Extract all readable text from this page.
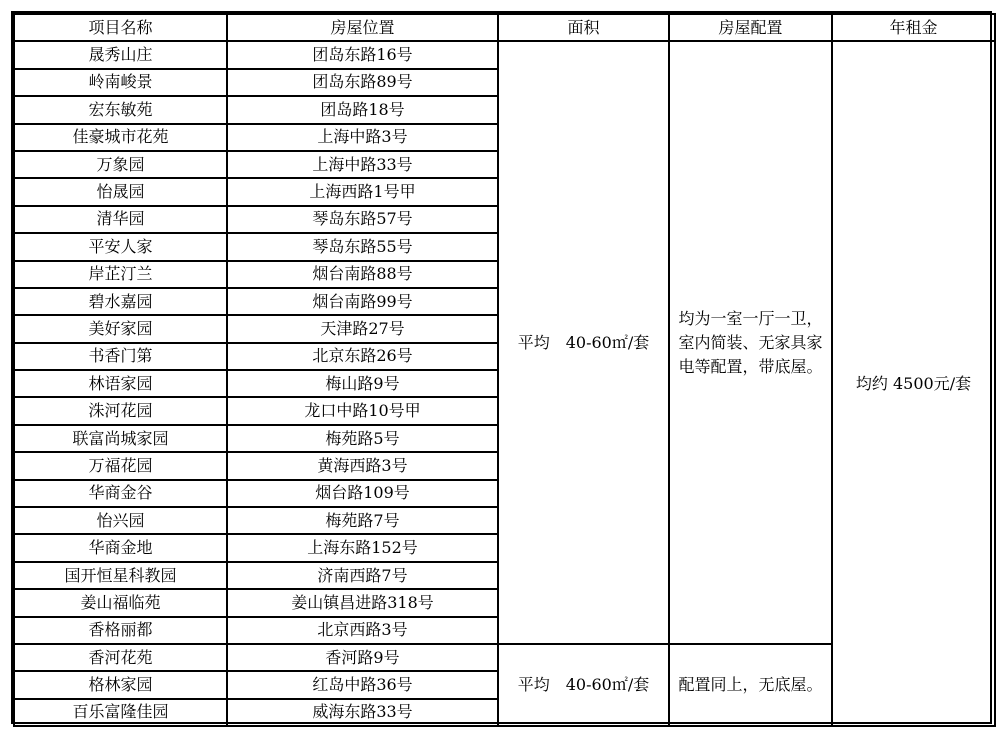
项目名称	房屋位置	面积	房屋配置	年租金
晟秀山庄	团岛东路16号	平均　40-60㎡/套	均为一室一厅一卫，室内简装、无家具家电等配置，带底屋。	均约 4500元/套
岭南峻景	团岛东路89号			
宏东敏苑	团岛路18号			
佳豪城市花苑	上海中路3号			
万象园	上海中路33号			
怡晟园	上海西路1号甲			
清华园	琴岛东路57号			
平安人家	琴岛东路55号			
岸芷汀兰	烟台南路88号			
碧水嘉园	烟台南路99号			
美好家园	天津路27号			
书香门第	北京东路26号			
林语家园	梅山路9号			
洙河花园	龙口中路10号甲			
联富尚城家园	梅苑路5号			
万福花园	黄海西路3号			
华商金谷	烟台路109号			
怡兴园	梅苑路7号			
华商金地	上海东路152号			
国开恒星科教园	济南西路7号			
姜山福临苑	姜山镇昌进路318号			
香格丽都	北京西路3号			
香河花苑	香河路9号	平均　40-60㎡/套	配置同上，无底屋。	
格林家园	红岛中路36号			
百乐富隆佳园	威海东路33号			
